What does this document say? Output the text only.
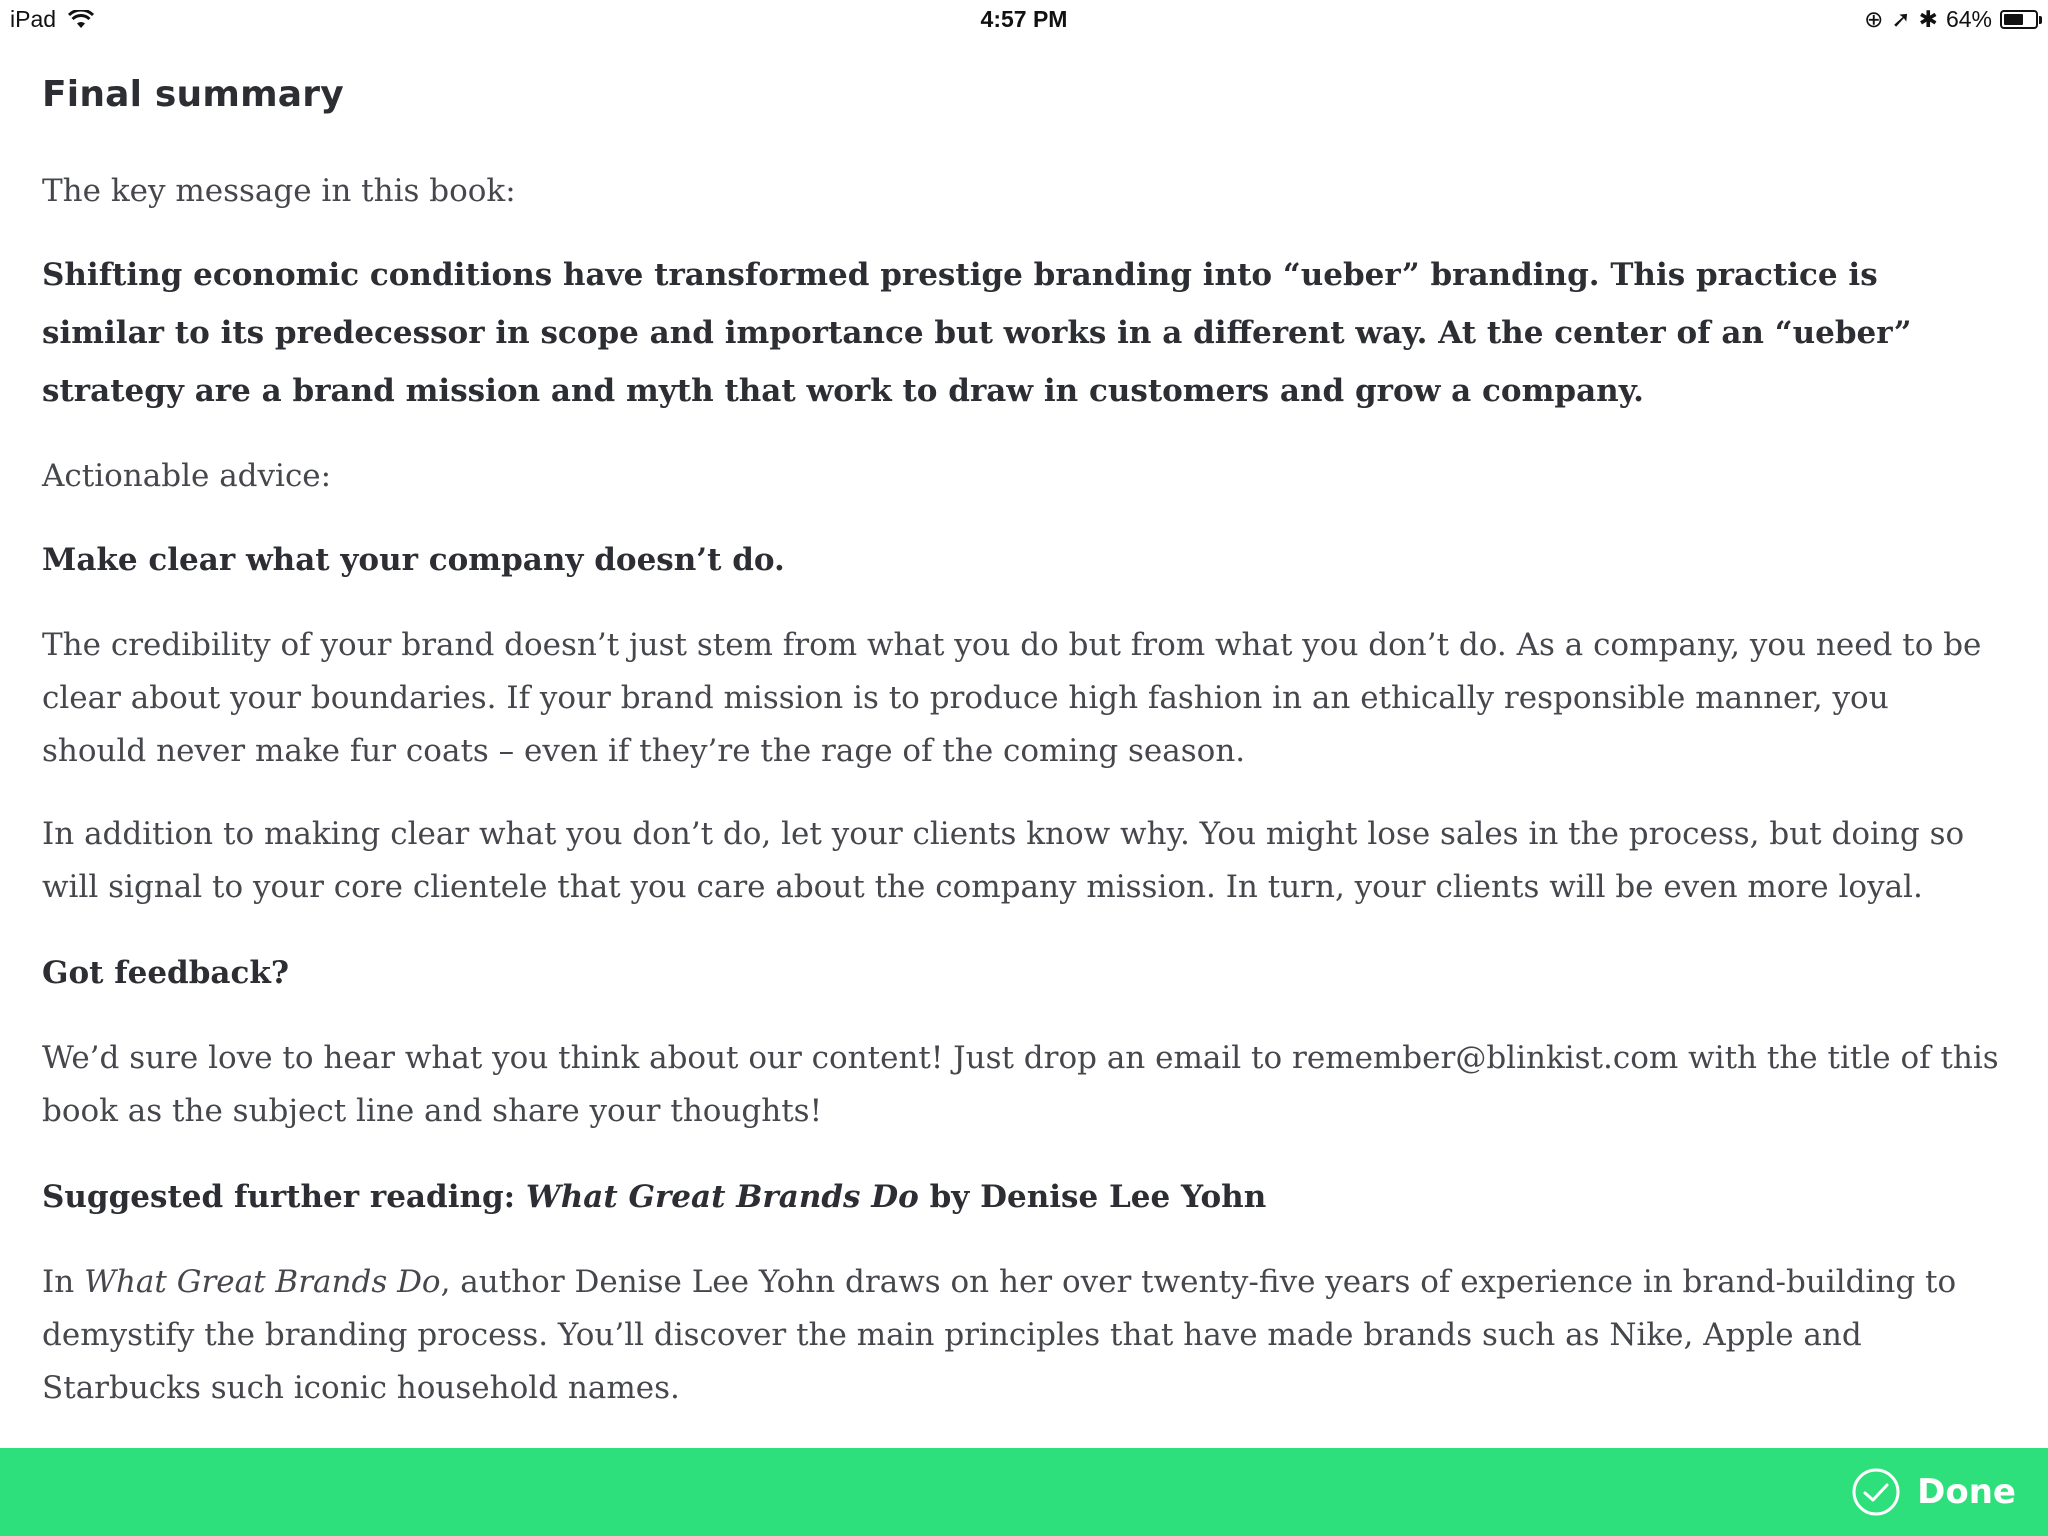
iPad	4:57 PM	⊕ ➚ ✱ 64%
Final summary

The key message in this book:

Shifting economic conditions have transformed prestige branding into “ueber” branding. This practice is similar to its predecessor in scope and importance but works in a different way. At the center of an “ueber” strategy are a brand mission and myth that work to draw in customers and grow a company.

Actionable advice:

Make clear what your company doesn’t do.

The credibility of your brand doesn’t just stem from what you do but from what you don’t do. As a company, you need to be clear about your boundaries. If your brand mission is to produce high fashion in an ethically responsible manner, you should never make fur coats – even if they’re the rage of the coming season.

In addition to making clear what you don’t do, let your clients know why. You might lose sales in the process, but doing so will signal to your core clientele that you care about the company mission. In turn, your clients will be even more loyal.

Got feedback?

We’d sure love to hear what you think about our content! Just drop an email to remember@blinkist.com with the title of this book as the subject line and share your thoughts!

Suggested further reading: What Great Brands Do by Denise Lee Yohn

In What Great Brands Do, author Denise Lee Yohn draws on her over twenty-five years of experience in brand-building to demystify the branding process. You’ll discover the main principles that have made brands such as Nike, Apple and Starbucks such iconic household names.

Done
